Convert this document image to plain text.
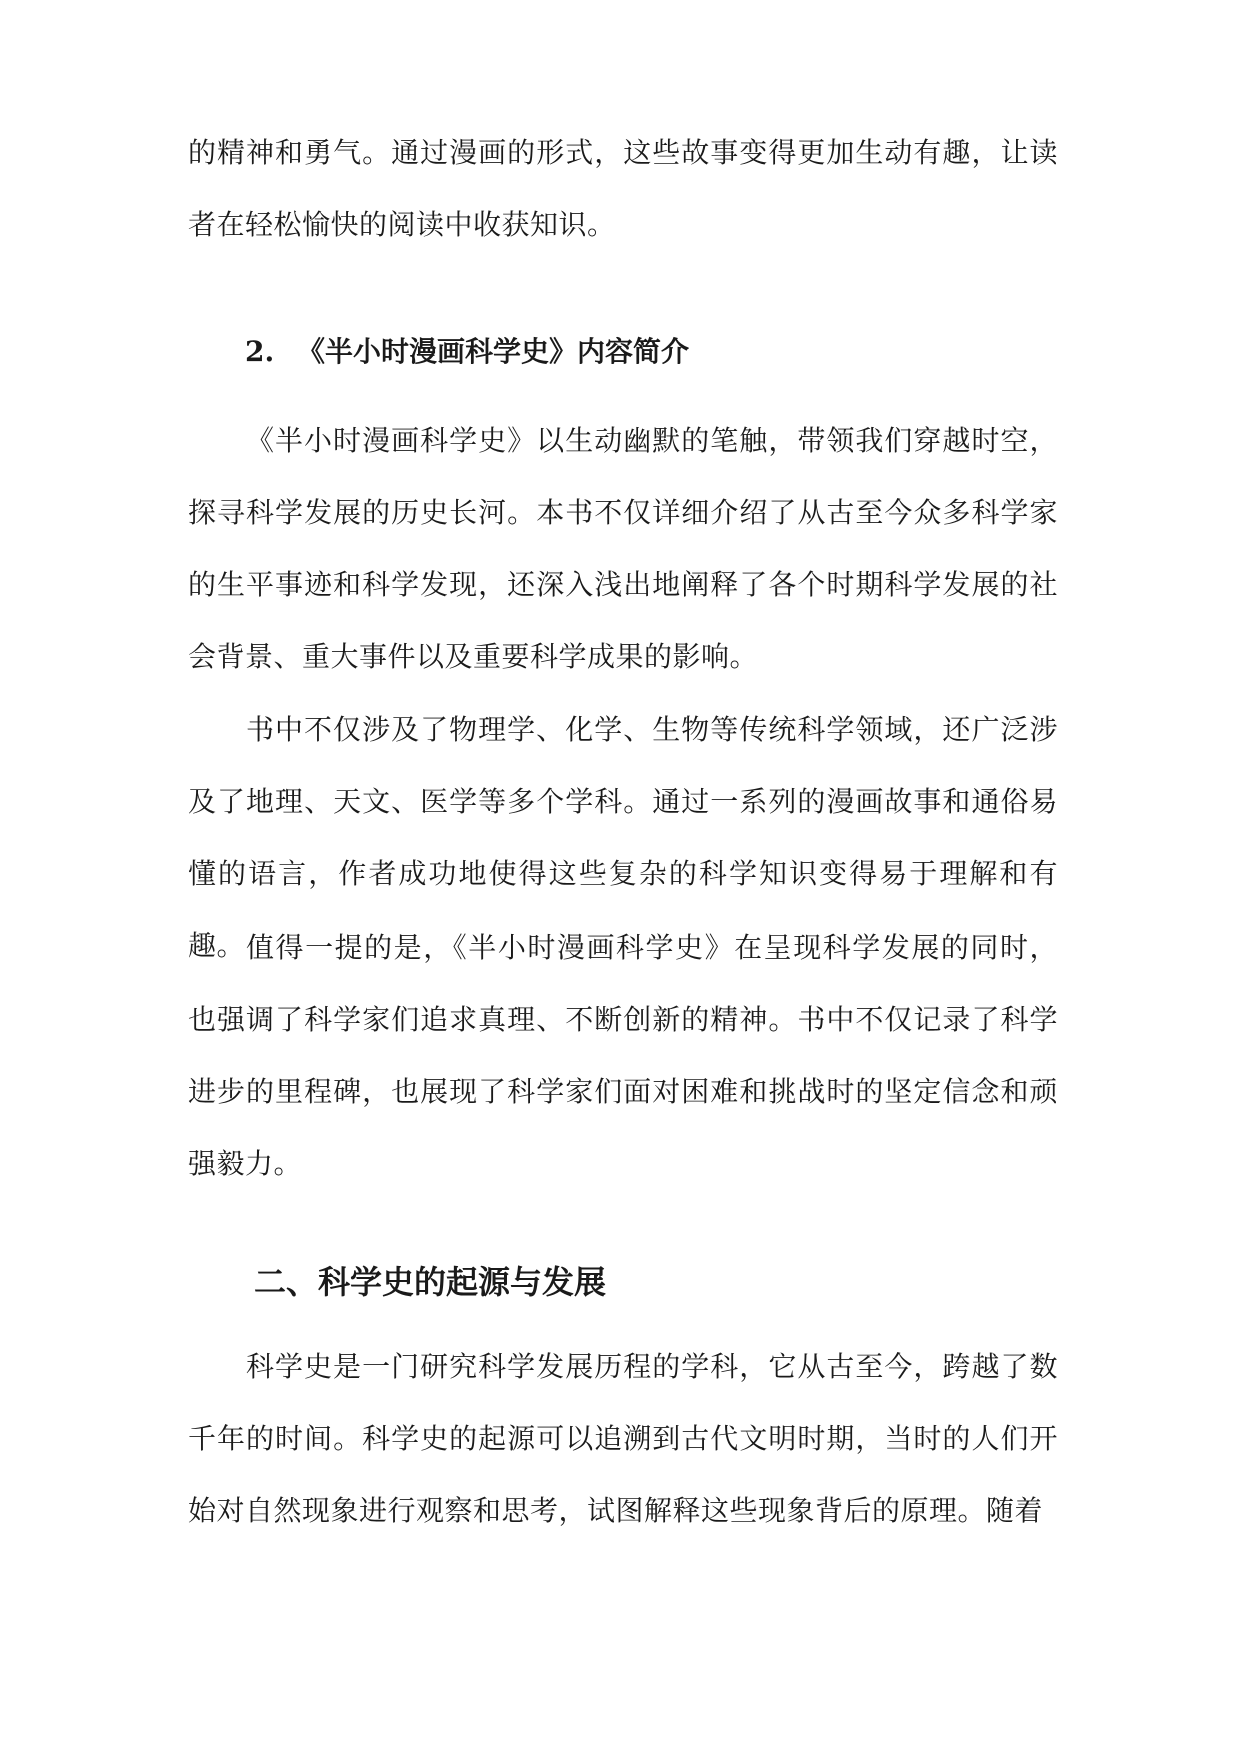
的精神和勇气。通过漫画的形式，这些故事变得更加生动有趣，让读者在轻松愉快的阅读中收获知识。

2. 《半小时漫画科学史》内容简介

《半小时漫画科学史》以生动幽默的笔触，带领我们穿越时空，探寻科学发展的历史长河。本书不仅详细介绍了从古至今众多科学家的生平事迹和科学发现，还深入浅出地阐释了各个时期科学发展的社会背景、重大事件以及重要科学成果的影响。

书中不仅涉及了物理学、化学、生物等传统科学领域，还广泛涉及了地理、天文、医学等多个学科。通过一系列的漫画故事和通俗易懂的语言，作者成功地使得这些复杂的科学知识变得易于理解和有趣。 值得一提的是，《半小时漫画科学史》在呈现科学发展的同时，也强调了科学家们追求真理、不断创新的精神。书中不仅记录了科学进步的里程碑，也展现了科学家们面对困难和挑战时的坚定信念和顽强毅力。

二、科学史的起源与发展

科学史是一门研究科学发展历程的学科，它从古至今，跨越了数千年的时间。科学史的起源可以追溯到古代文明时期，当时的人们开始对自然现象进行观察和思考，试图解释这些现象背后的原理。随着
